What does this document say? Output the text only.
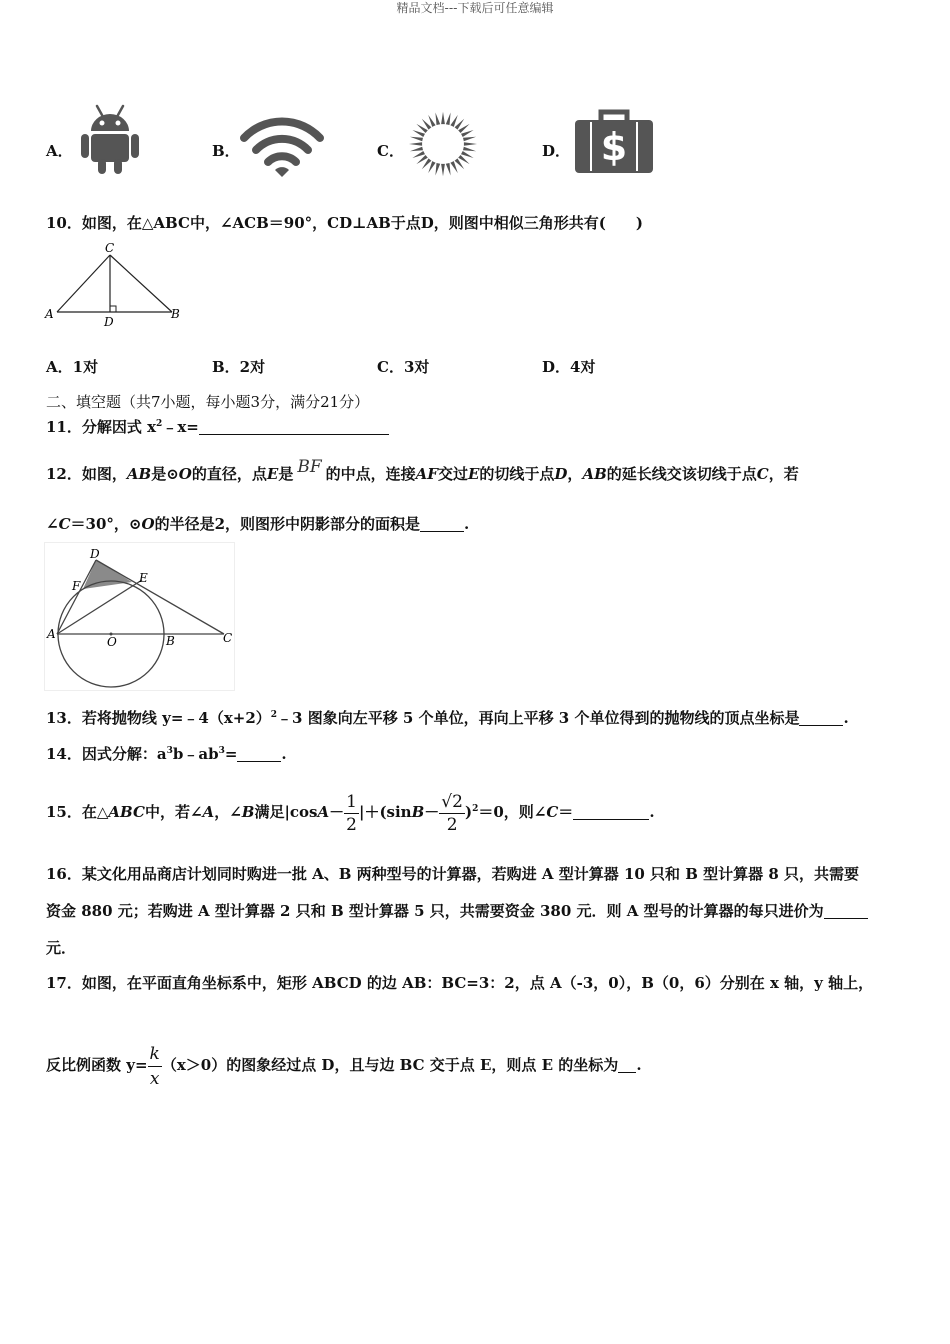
精品文档---下载后可任意编辑
A．	B．	C．	D． $
10．如图，在△ABC中，∠ACB＝90°，CD⊥AB于点D，则图中相似三角形共有(　　)
C
A
D
B
A．1对	B．2对	C．3对	D．4对
二、填空题（共7小题，每小题3分，满分21分）
11．分解因式 $x^2﹣x=$
12．如图，AB是⊙O的直径，点E是 BF 的中点，连接AF交过E的切线于点D，AB的延长线交该切线于点C，若
∠C＝30°，⊙O的半径是2，则图形中阴影部分的面积是	.
D
F
E
A
O	B	C
13．若将抛物线 $y=﹣4(x+2)^2﹣3$ 图象向左平移 5 个单位，再向上平移 3 个单位得到的抛物线的顶点坐标是	.
14．因式分解：$a^3b﹣ab^3=$	.
15．在△ABC中，若∠A，∠B满足$|\cos A- \frac{1}{2} |+(\sin B- \frac{√2}{2} )^2=0$，则∠C＝	.
16．某文化用品商店计划同时购进一批 A、B 两种型号的计算器，若购进 A 型计算器 10 只和 B 型计算器 8 只，共需要
资金 880 元；若购进 A 型计算器 2 只和 B 型计算器 5 只，共需要资金 380 元．则 A 型号的计算器的每只进价为
元．
17．如图，在平面直角坐标系中，矩形 ABCD 的边 AB：BC=3：2，点 A（-3，0），B（0，6）分别在 x 轴，y 轴上，
反比例函数 $y= \frac{k}{x} (x>0)$的图象经过点 D，且与边 BC 交于点 E，则点 E 的坐标为 .
